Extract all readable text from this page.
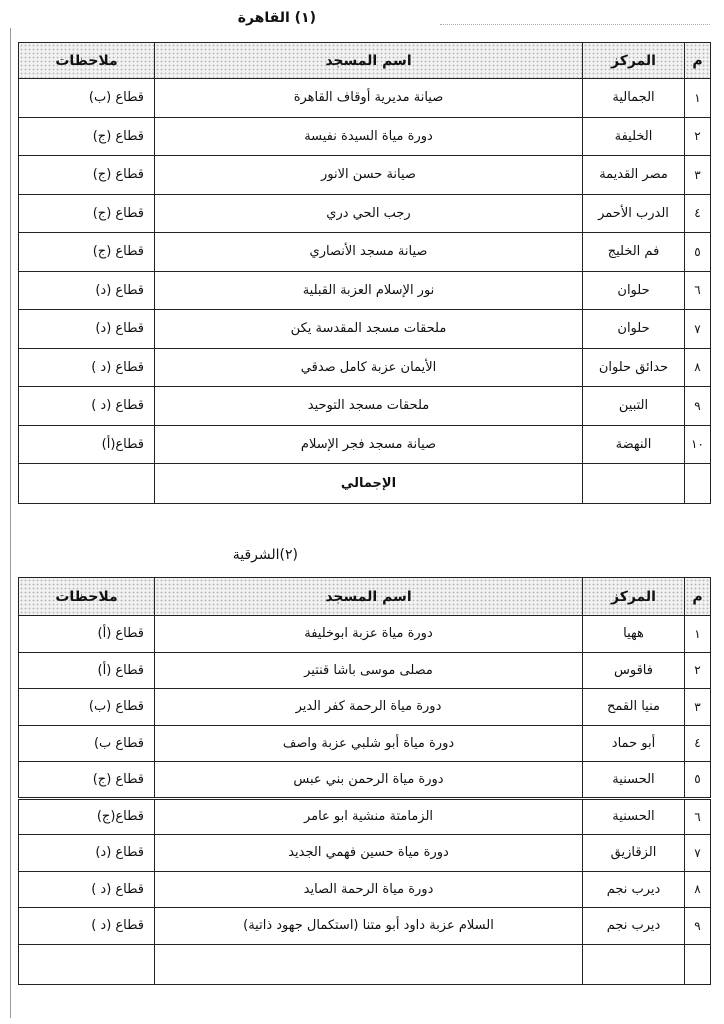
(١) القاهرة
م	المركز	اسم المسجد	ملاحظات
١	الجمالية	صيانة مديرية أوقاف القاهرة	قطاع (ب)
٢	الخليفة	دورة مياة السيدة نفيسة	قطاع (ج)
٣	مصر القديمة	صيانة حسن الانور	قطاع (ج)
٤	الدرب الأحمر	رجب الحي دري	قطاع (ج)
٥	فم الخليج	صيانة مسجد الأنصاري	قطاع (ج)
٦	حلوان	نور الإسلام العزبة القبلية	قطاع (د)
٧	حلوان	ملحقات مسجد المقدسة يكن	قطاع (د)
٨	حدائق حلوان	الأيمان عزبة كامل صدقي	قطاع (د )
٩	التبين	ملحقات مسجد التوحيد	قطاع (د )
١٠	النهضة	صيانة مسجد فجر الإسلام	قطاع(أ)
		الإجمالي	
(٢)الشرقية
م	المركز	اسم المسجد	ملاحظات
١	ههيا	دورة مياة عزبة ابوخليفة	قطاع (أ)
٢	فاقوس	مصلى موسى باشا قنتير	قطاع (أ)
٣	منيا القمح	دورة مياة الرحمة كفر الدير	قطاع (ب)
٤	أبو حماد	دورة مياة أبو شلبي عزبة واصف	قطاع ب)
٥	الحسنية	دورة مياة الرحمن بني عبس	قطاع (ج)
٦	الحسنية	الزمامتة منشية ابو عامر	قطاع(ج)
٧	الزقازيق	دورة مياة حسين فهمي الجديد	قطاع (د)
٨	ديرب نجم	دورة مياة الرحمة الصايد	قطاع (د )
٩	ديرب نجم	السلام عزبة داود أبو متنا (استكمال جهود ذاتية)	قطاع (د )
